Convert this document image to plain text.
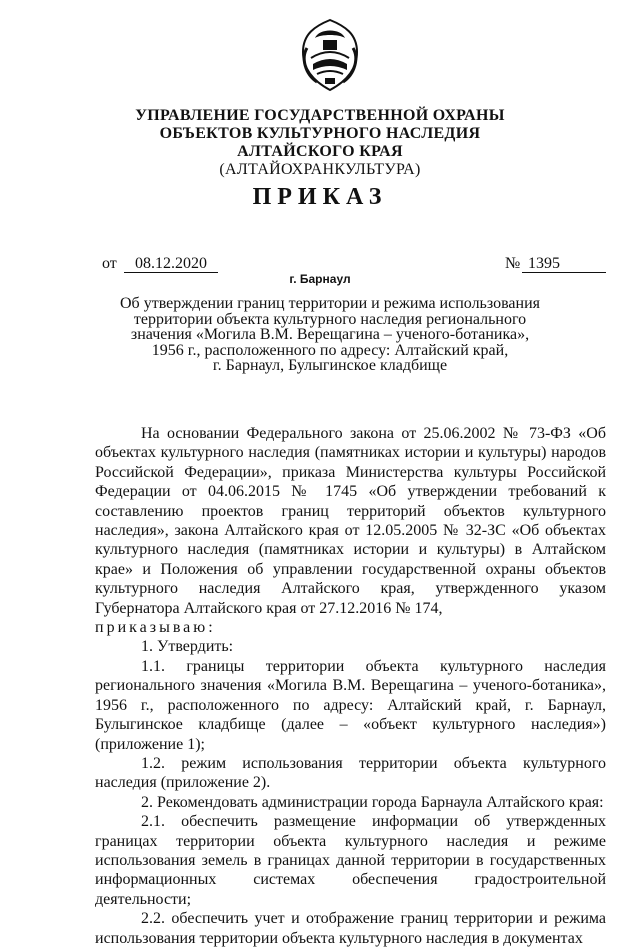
УПРАВЛЕНИЕ ГОСУДАРСТВЕННОЙ ОХРАНЫ
ОБЪЕКТОВ КУЛЬТУРНОГО НАСЛЕДИЯ
АЛТАЙСКОГО КРАЯ
(АЛТАЙОХРАНКУЛЬТУРА)
ПРИКАЗ
от	08.12.2020	№ 1395
г. Барнаул
Об утверждении границ территории и режима использования
территории объекта культурного наследия регионального
значения «Могила В.М. Верещагина – ученого-ботаника»,
1956 г., расположенного по адресу: Алтайский край,
г. Барнаул, Булыгинское кладбище

На основании Федерального закона от 25.06.2002 № 73-ФЗ «Об объектах культурного наследия (памятниках истории и культуры) народов Российской Федерации», приказа Министерства культуры Российской Федерации от 04.06.2015 № 1745 «Об утверждении требований к составлению проектов границ территорий объектов культурного наследия», закона Алтайского края от 12.05.2005 № 32-ЗС «Об объектах культурного наследия (памятниках истории и культуры) в Алтайском крае» и Положения об управлении государственной охраны объектов культурного наследия Алтайского края, утвержденного указом Губернатора Алтайского края от 27.12.2016 № 174,

приказываю:

1. Утвердить:

1.1. границы территории объекта культурного наследия регионального значения «Могила В.М. Верещагина – ученого-ботаника», 1956 г., расположенного по адресу: Алтайский край, г. Барнаул, Булыгинское кладбище (далее – «объект культурного наследия») (приложение 1);

1.2. режим использования территории объекта культурного наследия (приложение 2).

2. Рекомендовать администрации города Барнаула Алтайского края:

2.1. обеспечить размещение информации об утвержденных границах территории объекта культурного наследия и режиме использования земель в границах данной территории в государственных информационных системах обеспечения градостроительной деятельности;

2.2. обеспечить учет и отображение границ территории и режима использования территории объекта культурного наследия в документах
